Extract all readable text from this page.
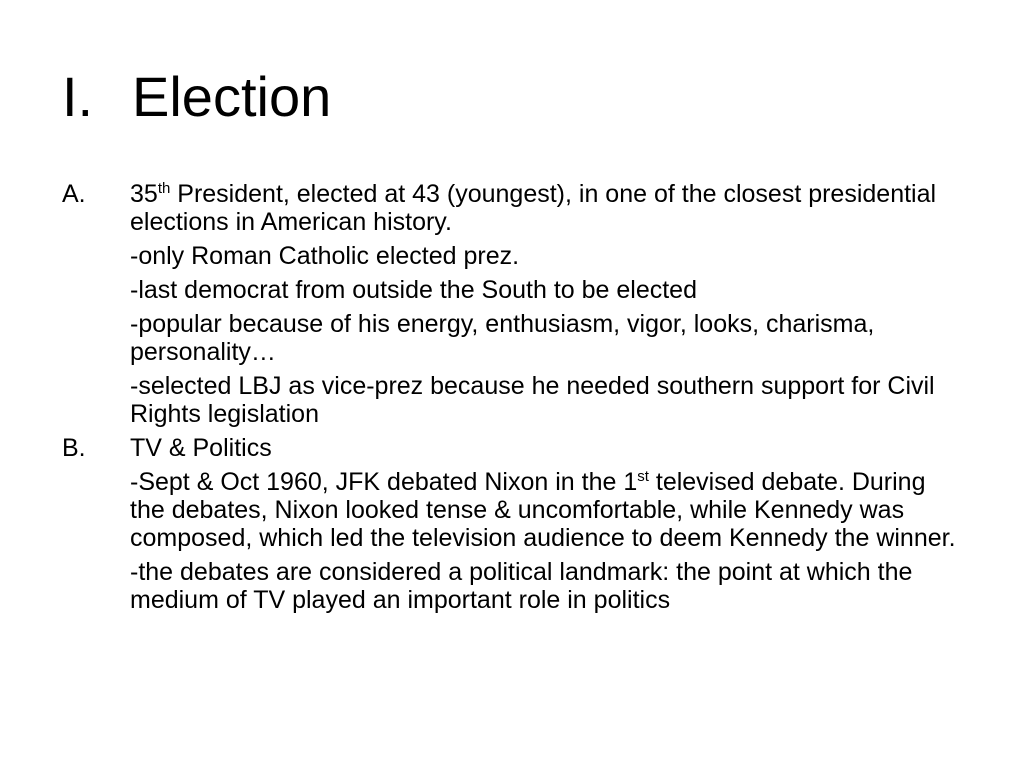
I. Election
A.	35th President, elected at 43 (youngest), in one of the closest presidential elections in American history.
-only Roman Catholic elected prez.
-last democrat from outside the South to be elected
-popular because of his energy, enthusiasm, vigor, looks, charisma, personality…
-selected LBJ as vice-prez because he needed southern support for Civil Rights legislation
B.	TV & Politics
-Sept & Oct 1960, JFK debated Nixon in the 1st televised debate. During the debates, Nixon looked tense & uncomfortable, while Kennedy was composed, which led the television audience to deem Kennedy the winner.
-the debates are considered a political landmark: the point at which the medium of TV played an important role in politics
